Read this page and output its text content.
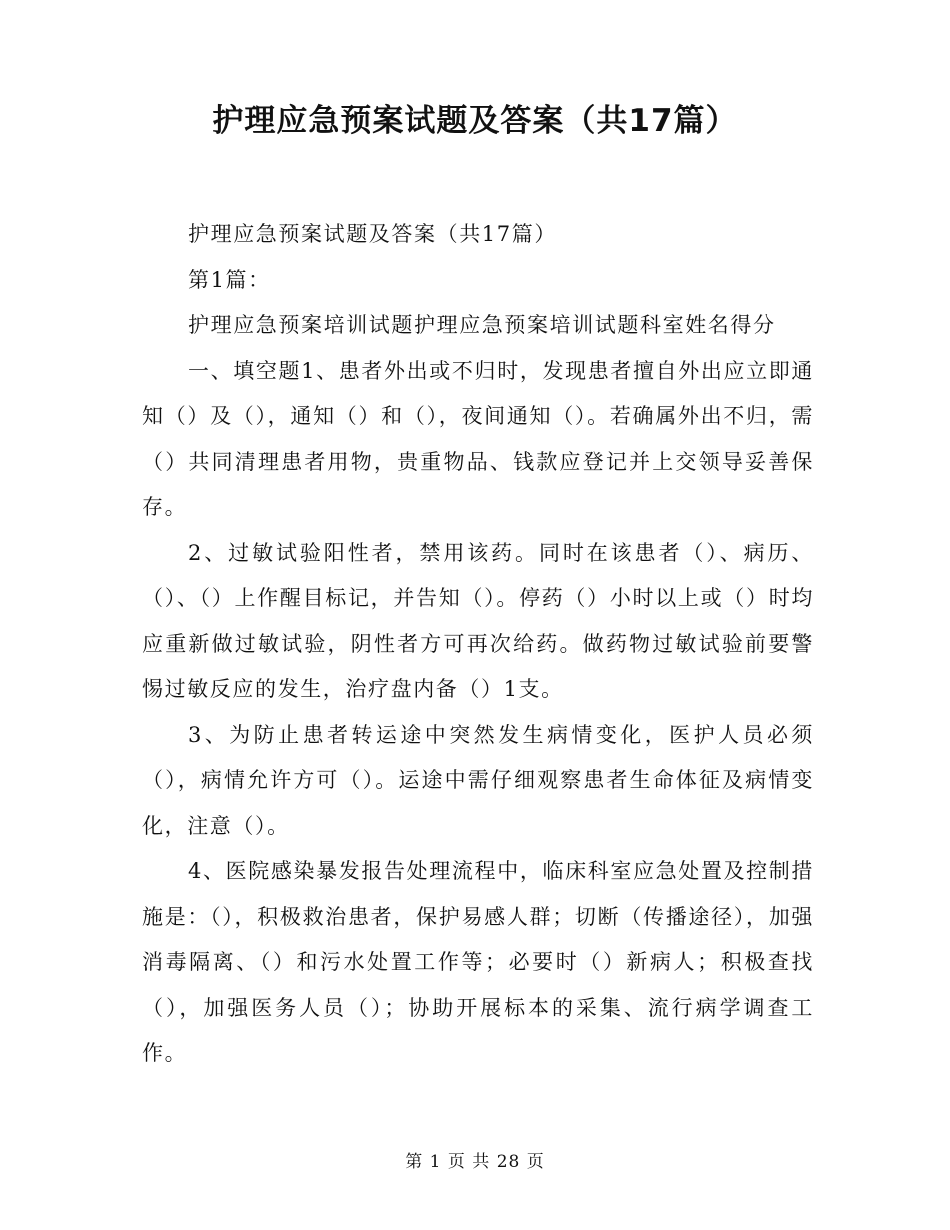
护理应急预案试题及答案（共17篇）

护理应急预案试题及答案（共17篇）

第1篇：

护理应急预案培训试题护理应急预案培训试题科室姓名得分

一、填空题1、患者外出或不归时，发现患者擅自外出应立即通知（）及（），通知（）和（），夜间通知（）。若确属外出不归，需（）共同清理患者用物，贵重物品、钱款应登记并上交领导妥善保存。

2、过敏试验阳性者，禁用该药。同时在该患者（）、病历、（）、（）上作醒目标记，并告知（）。停药（）小时以上或（）时均应重新做过敏试验，阴性者方可再次给药。做药物过敏试验前要警惕过敏反应的发生，治疗盘内备（）1支。

3、为防止患者转运途中突然发生病情变化，医护人员必须（），病情允许方可（）。运途中需仔细观察患者生命体征及病情变化，注意（）。

4、医院感染暴发报告处理流程中，临床科室应急处置及控制措施是：（），积极救治患者，保护易感人群；切断（传播途径），加强消毒隔离、（）和污水处置工作等；必要时（）新病人；积极查找（），加强医务人员（）；协助开展标本的采集、流行病学调查工作。

第 1 页 共 28 页
